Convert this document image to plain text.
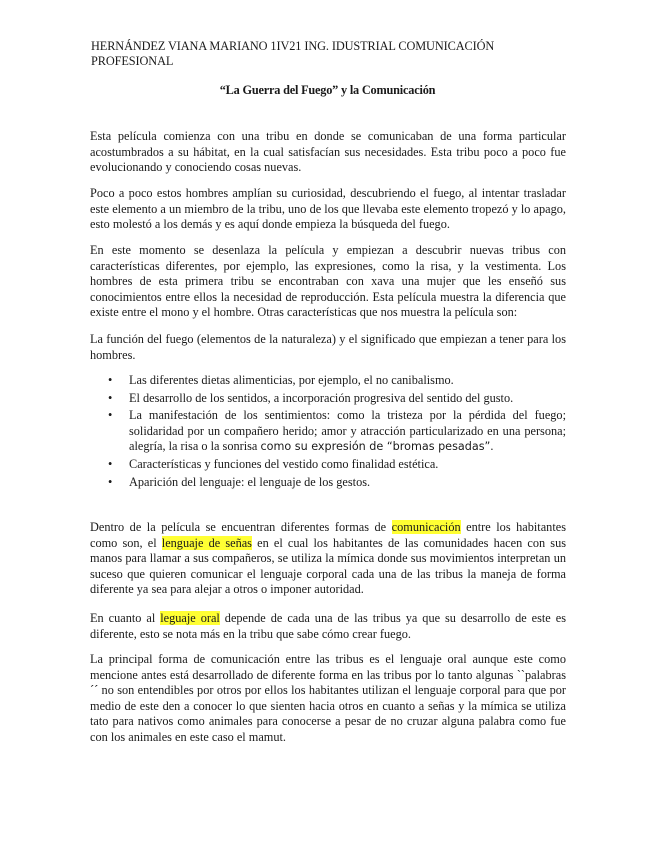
HERNÁNDEZ VIANA MARIANO 1IV21 ING. IDUSTRIAL COMUNICACIÓN PROFESIONAL
“La Guerra del Fuego” y la Comunicación

Esta película comienza con una tribu en donde se comunicaban de una forma particular acostumbrados a su hábitat, en la cual satisfacían sus necesidades. Esta tribu poco a poco fue evolucionando y conociendo cosas nuevas.

Poco a poco estos hombres amplían su curiosidad, descubriendo el fuego, al intentar trasladar este elemento a un miembro de la tribu, uno de los que llevaba este elemento tropezó y lo apago, esto molestó a los demás y es aquí donde empieza la búsqueda del fuego.

En este momento se desenlaza la película y empiezan a descubrir nuevas tribus con características diferentes, por ejemplo, las expresiones, como la risa, y la vestimenta. Los hombres de esta primera tribu se encontraban con xava una mujer que les enseñó sus conocimientos entre ellos la necesidad de reproducción. Esta película muestra la diferencia que existe entre el mono y el hombre. Otras características que nos muestra la película son:

La función del fuego (elementos de la naturaleza) y el significado que empiezan a tener para los hombres.

• Las diferentes dietas alimenticias, por ejemplo, el no canibalismo.
• El desarrollo de los sentidos, a incorporación progresiva del sentido del gusto.
• La manifestación de los sentimientos: como la tristeza por la pérdida del fuego; solidaridad por un compañero herido; amor y atracción particularizado en una persona; alegría, la risa o la sonrisa como su expresión de “bromas pesadas”.
• Características y funciones del vestido como finalidad estética.
• Aparición del lenguaje: el lenguaje de los gestos.

Dentro de la película se encuentran diferentes formas de comunicación entre los habitantes como son, el lenguaje de señas en el cual los habitantes de las comunidades hacen con sus manos para llamar a sus compañeros, se utiliza la mímica donde sus movimientos interpretan un suceso que quieren comunicar el lenguaje corporal cada una de las tribus la maneja de forma diferente ya sea para alejar a otros o imponer autoridad.

En cuanto al leguaje oral depende de cada una de las tribus ya que su desarrollo de este es diferente, esto se nota más en la tribu que sabe cómo crear fuego.

La principal forma de comunicación entre las tribus es el lenguaje oral aunque este como mencione antes está desarrollado de diferente forma en las tribus por lo tanto algunas ``palabras´´ no son entendibles por otros por ellos los habitantes utilizan el lenguaje corporal para que por medio de este den a conocer lo que sienten hacia otros en cuanto a señas y la mímica se utiliza tato para nativos como animales para conocerse a pesar de no cruzar alguna palabra como fue con los animales en este caso el mamut.
